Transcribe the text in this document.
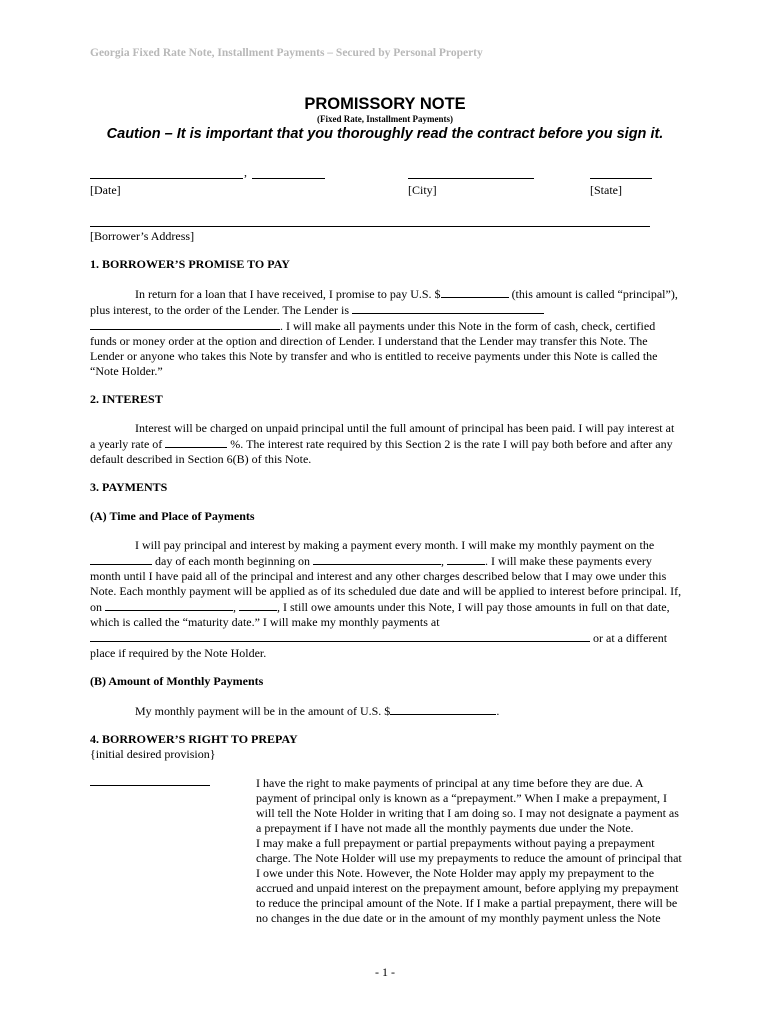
Georgia Fixed Rate Note, Installment Payments – Secured by Personal Property
PROMISSORY NOTE
(Fixed Rate, Installment Payments)
Caution – It is important that you thoroughly read the contract before you sign it.
,
[Date]	[City]	[State]

[Borrower’s Address]

1. BORROWER’S PROMISE TO PAY

In return for a loan that I have received, I promise to pay U.S. $	(this amount is called “principal”), plus interest, to the order of the Lender. The Lender is  . I will make all payments under this Note in the form of cash, check, certified funds or money order at the option and direction of Lender. I understand that the Lender may transfer this Note. The Lender or anyone who takes this Note by transfer and who is entitled to receive payments under this Note is called the “Note Holder.”

2. INTEREST

Interest will be charged on unpaid principal until the full amount of principal has been paid. I will pay interest at a yearly rate of	%. The interest rate required by this Section 2 is the rate I will pay both before and after any default described in Section 6(B) of this Note.

3. PAYMENTS
(A) Time and Place of Payments

I will pay principal and interest by making a payment every month. I will make my monthly payment on the  day of each month beginning on	,	. I will make these payments every month until I have paid all of the principal and interest and any other charges described below that I may owe under this Note. Each monthly payment will be applied as of its scheduled due date and will be applied to interest before principal. If, on	,	, I still owe amounts under this Note, I will pay those amounts in full on that date, which is called the “maturity date.” I will make my monthly payments at  or at a different place if required by the Note Holder.

(B) Amount of Monthly Payments

My monthly payment will be in the amount of U.S. $	.

4. BORROWER’S RIGHT TO PREPAY

{initial desired provision}

I have the right to make payments of principal at any time before they are due. A payment of principal only is known as a “prepayment.” When I make a prepayment, I will tell the Note Holder in writing that I am doing so. I may not designate a payment as a prepayment if I have not made all the monthly payments due under the Note.

I may make a full prepayment or partial prepayments without paying a prepayment charge. The Note Holder will use my prepayments to reduce the amount of principal that I owe under this Note. However, the Note Holder may apply my prepayment to the accrued and unpaid interest on the prepayment amount, before applying my prepayment to reduce the principal amount of the Note. If I make a partial prepayment, there will be no changes in the due date or in the amount of my monthly payment unless the Note

- 1 -
